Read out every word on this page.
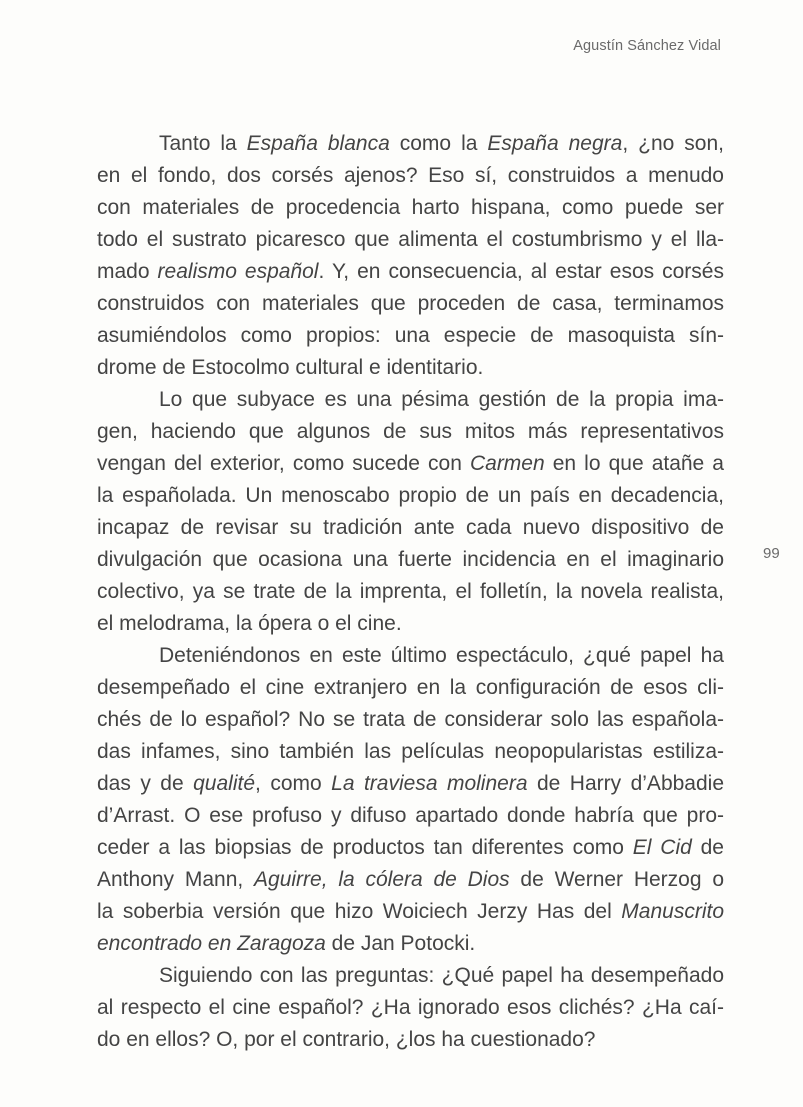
Agustín Sánchez Vidal
Tanto la España blanca como la España negra, ¿no son,
en el fondo, dos corsés ajenos? Eso sí, construidos a menudo
con materiales de procedencia harto hispana, como puede ser
todo el sustrato picaresco que alimenta el costumbrismo y el lla-
mado realismo español. Y, en consecuencia, al estar esos corsés
construidos con materiales que proceden de casa, terminamos
asumiéndolos como propios: una especie de masoquista sín-
drome de Estocolmo cultural e identitario.
Lo que subyace es una pésima gestión de la propia ima-
gen, haciendo que algunos de sus mitos más representativos
vengan del exterior, como sucede con Carmen en lo que atañe a
la españolada. Un menoscabo propio de un país en decadencia,
incapaz de revisar su tradición ante cada nuevo dispositivo de
divulgación que ocasiona una fuerte incidencia en el imaginario
colectivo, ya se trate de la imprenta, el folletín, la novela realista,
el melodrama, la ópera o el cine.
Deteniéndonos en este último espectáculo, ¿qué papel ha
desempeñado el cine extranjero en la configuración de esos cli-
chés de lo español? No se trata de considerar solo las española-
das infames, sino también las películas neopopularistas estiliza-
das y de qualité, como La traviesa molinera de Harry d’Abbadie
d’Arrast. O ese profuso y difuso apartado donde habría que pro-
ceder a las biopsias de productos tan diferentes como El Cid de
Anthony Mann, Aguirre, la cólera de Dios de Werner Herzog o
la soberbia versión que hizo Woiciech Jerzy Has del Manuscrito
encontrado en Zaragoza de Jan Potocki.
Siguiendo con las preguntas: ¿Qué papel ha desempeñado
al respecto el cine español? ¿Ha ignorado esos clichés? ¿Ha caí-
do en ellos? O, por el contrario, ¿los ha cuestionado?
99
